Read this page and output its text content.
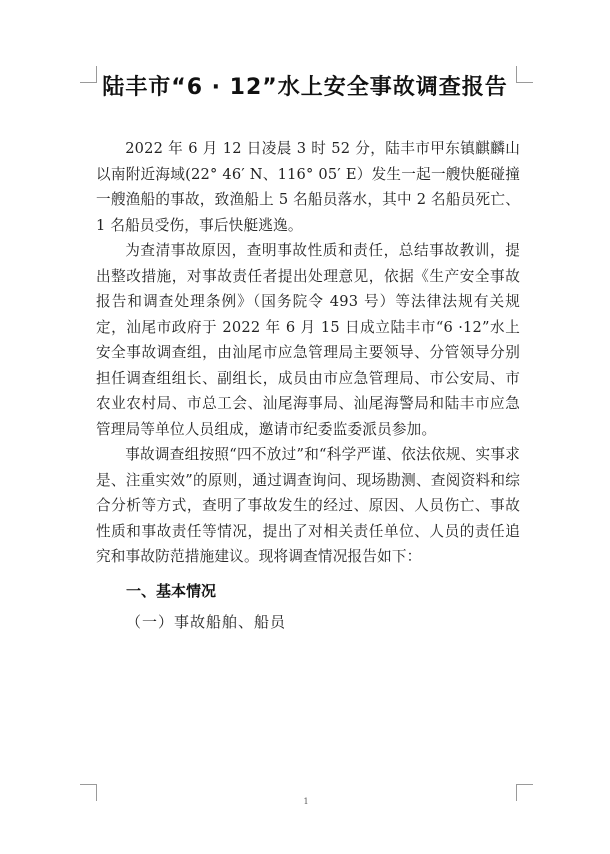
陆丰市“6 · 12”水上安全事故调查报告

2022 年 6 月 12 日凌晨 3 时 52 分，陆丰市甲东镇麒麟山以南附近海域(22° 46′ N、116° 05′ E）发生一起一艘快艇碰撞一艘渔船的事故，致渔船上 5 名船员落水，其中 2 名船员死亡、1 名船员受伤，事后快艇逃逸。

为查清事故原因，查明事故性质和责任，总结事故教训，提出整改措施，对事故责任者提出处理意见，依据《生产安全事故报告和调查处理条例》（国务院令 493 号）等法律法规有关规定，汕尾市政府于 2022 年 6 月 15 日成立陆丰市“6 ·12”水上安全事故调查组，由汕尾市应急管理局主要领导、分管领导分别担任调查组组长、副组长，成员由市应急管理局、市公安局、市农业农村局、市总工会、汕尾海事局、汕尾海警局和陆丰市应急管理局等单位人员组成，邀请市纪委监委派员参加。

事故调查组按照“四不放过”和“科学严谨、依法依规、实事求是、注重实效”的原则，通过调查询问、现场勘测、查阅资料和综合分析等方式，查明了事故发生的经过、原因、人员伤亡、事故性质和事故责任等情况，提出了对相关责任单位、人员的责任追究和事故防范措施建议。现将调查情况报告如下：

一、基本情况

（一）事故船舶、船员

1
